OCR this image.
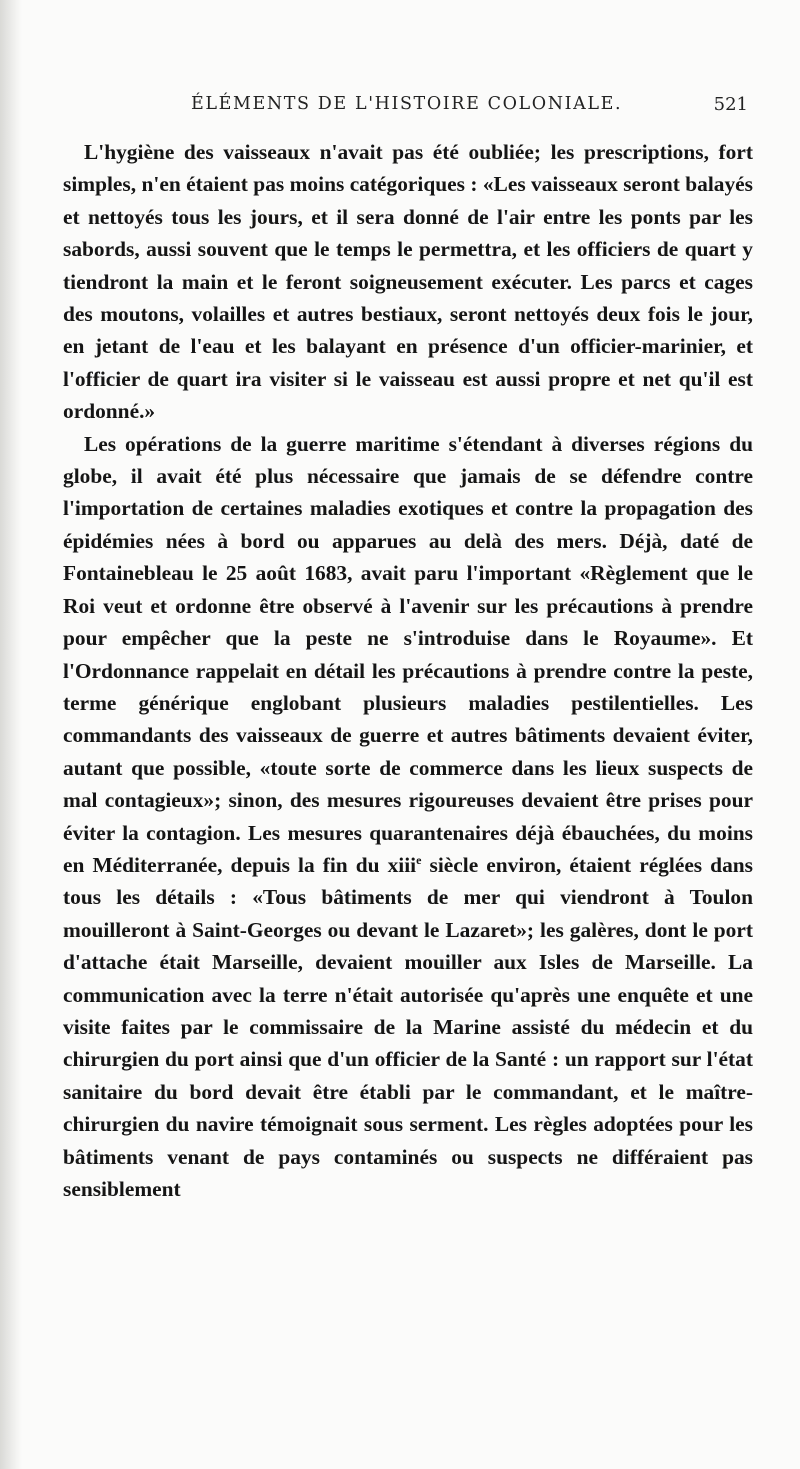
ÉLÉMENTS DE L'HISTOIRE COLONIALE.	521

L'hygiène des vaisseaux n'avait pas été oubliée; les prescriptions, fort simples, n'en étaient pas moins catégoriques : «Les vaisseaux seront balayés et nettoyés tous les jours, et il sera donné de l'air entre les ponts par les sabords, aussi souvent que le temps le permettra, et les officiers de quart y tiendront la main et le feront soigneusement exécuter. Les parcs et cages des moutons, volailles et autres bestiaux, seront nettoyés deux fois le jour, en jetant de l'eau et les balayant en présence d'un officier-marinier, et l'officier de quart ira visiter si le vaisseau est aussi propre et net qu'il est ordonné.»

Les opérations de la guerre maritime s'étendant à diverses régions du globe, il avait été plus nécessaire que jamais de se défendre contre l'importation de certaines maladies exotiques et contre la propagation des épidémies nées à bord ou apparues au delà des mers. Déjà, daté de Fontainebleau le 25 août 1683, avait paru l'important «Règlement que le Roi veut et ordonne être observé à l'avenir sur les précautions à prendre pour empêcher que la peste ne s'introduise dans le Royaume». Et l'Ordonnance rappelait en détail les précautions à prendre contre la peste, terme générique englobant plusieurs maladies pestilentielles. Les commandants des vaisseaux de guerre et autres bâtiments devaient éviter, autant que possible, «toute sorte de commerce dans les lieux suspects de mal contagieux»; sinon, des mesures rigoureuses devaient être prises pour éviter la contagion. Les mesures quarantenaires déjà ébauchées, du moins en Méditerranée, depuis la fin du xiii$^e$ siècle environ, étaient réglées dans tous les détails : «Tous bâtiments de mer qui viendront à Toulon mouilleront à Saint-Georges ou devant le Lazaret»; les galères, dont le port d'attache était Marseille, devaient mouiller aux Isles de Marseille. La communication avec la terre n'était autorisée qu'après une enquête et une visite faites par le commissaire de la Marine assisté du médecin et du chirurgien du port ainsi que d'un officier de la Santé : un rapport sur l'état sanitaire du bord devait être établi par le commandant, et le maître-chirurgien du navire témoignait sous serment. Les règles adoptées pour les bâtiments venant de pays contaminés ou suspects ne différaient pas sensiblement
